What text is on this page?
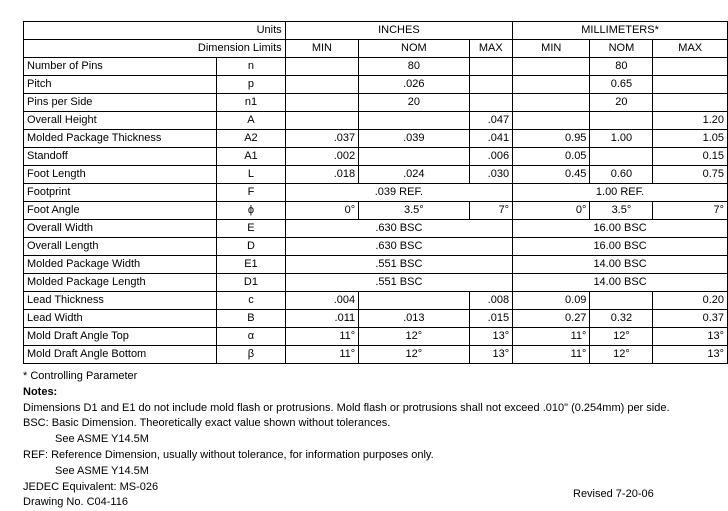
Units		INCHES			MILLIMETERS*		
Dimension Limits		MIN	NOM	MAX	MIN	NOM	MAX
Number of Pins	n		80			80	
Pitch	p		.026			0.65	
Pins per Side	n1		20			20	
Overall Height	A			.047			1.20
Molded Package Thickness	A2	.037	.039	.041	0.95	1.00	1.05
Standoff	A1	.002		.006	0.05		0.15
Foot Length	L	.018	.024	.030	0.45	0.60	0.75
Footprint	F	.039 REF.			1.00 REF.		
Foot Angle	ϕ	0°	3.5°	7°	0°	3.5°	7°
Overall Width	E	.630 BSC			16.00 BSC		
Overall Length	D	.630 BSC			16.00 BSC		
Molded Package Width	E1	.551 BSC			14.00 BSC		
Molded Package Length	D1	.551 BSC			14.00 BSC		
Lead Thickness	c	.004		.008	0.09		0.20
Lead Width	B	.011	.013	.015	0.27	0.32	0.37
Mold Draft Angle Top	α	11°	12°	13°	11°	12°	13°
Mold Draft Angle Bottom	β	11°	12°	13°	11°	12°	13°
* Controlling Parameter
Notes:
Dimensions D1 and E1 do not include mold flash or protrusions. Mold flash or protrusions shall not exceed .010" (0.254mm) per side.
BSC: Basic Dimension. Theoretically exact value shown without tolerances.
See ASME Y14.5M
REF: Reference Dimension, usually without tolerance, for information purposes only.
See ASME Y14.5M
JEDEC Equivalent: MS-026
Drawing No. C04-116
Revised 7-20-06
